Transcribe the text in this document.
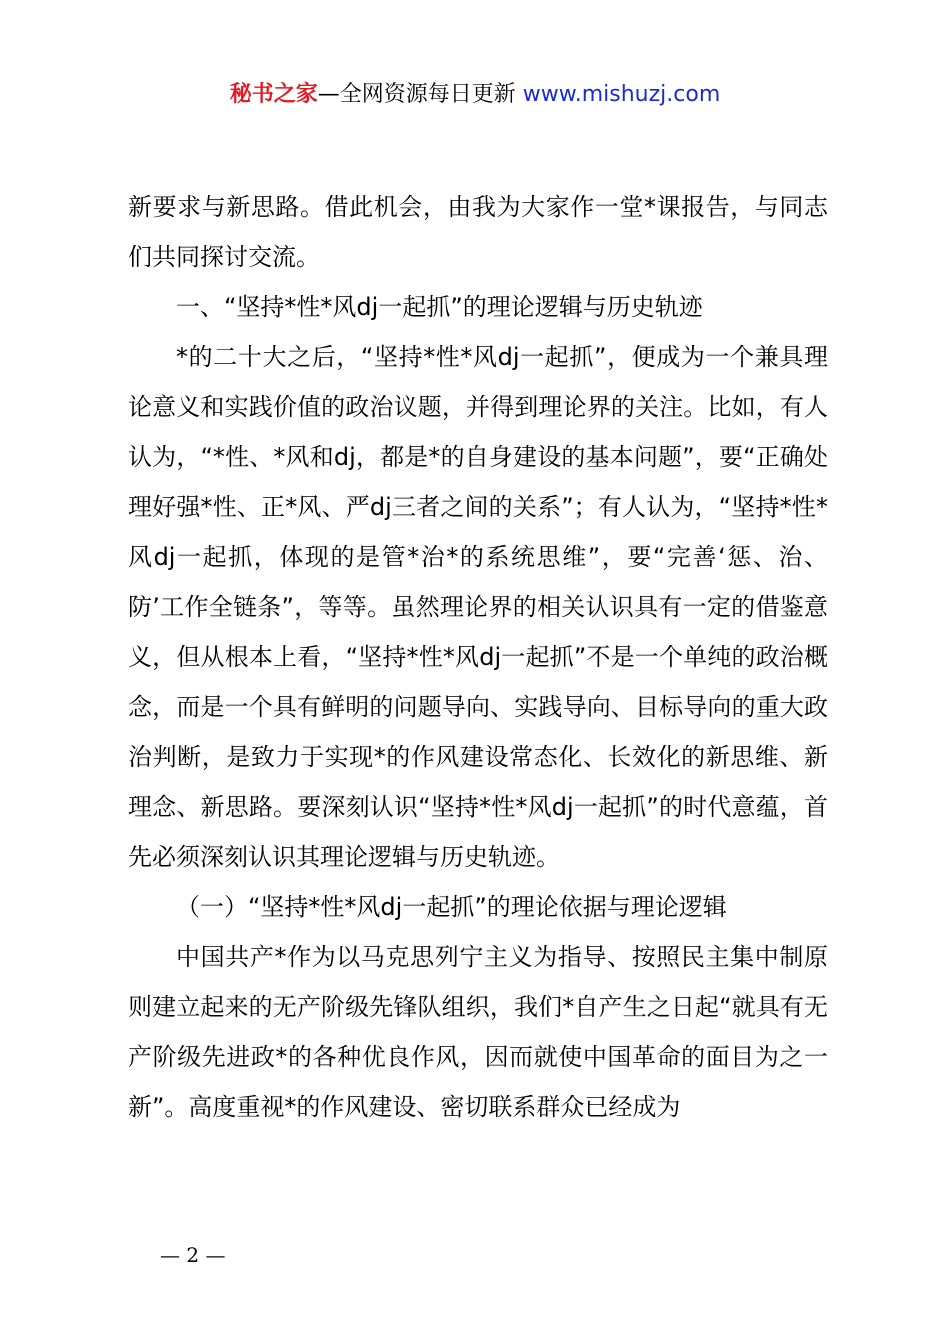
秘书之家—全网资源每日更新 www.mishuzj.com

新要求与新思路。借此机会，由我为大家作一堂*课报告，与同志们共同探讨交流。

一、“坚持*性*风dj一起抓”的理论逻辑与历史轨迹

*的二十大之后，“坚持*性*风dj一起抓”，便成为一个兼具理论意义和实践价值的政治议题，并得到理论界的关注。比如，有人认为，“*性、*风和dj，都是*的自身建设的基本问题”，要“正确处理好强*性、正*风、严dj三者之间的关系”；有人认为，“坚持*性*风dj一起抓，体现的是管*治*的系统思维”，要“完善‘惩、治、防’工作全链条”，等等。虽然理论界的相关认识具有一定的借鉴意义，但从根本上看，“坚持*性*风dj一起抓”不是一个单纯的政治概念，而是一个具有鲜明的问题导向、实践导向、目标导向的重大政治判断，是致力于实现*的作风建设常态化、长效化的新思维、新理念、新思路。要深刻认识“坚持*性*风dj一起抓”的时代意蕴，首先必须深刻认识其理论逻辑与历史轨迹。

（一）“坚持*性*风dj一起抓”的理论依据与理论逻辑

中国共产*作为以马克思列宁主义为指导、按照民主集中制原则建立起来的无产阶级先锋队组织，我们*自产生之日起“就具有无产阶级先进政*的各种优良作风，因而就使中国革命的面目为之一新”。高度重视*的作风建设、密切联系群众已经成为

— 2 —
